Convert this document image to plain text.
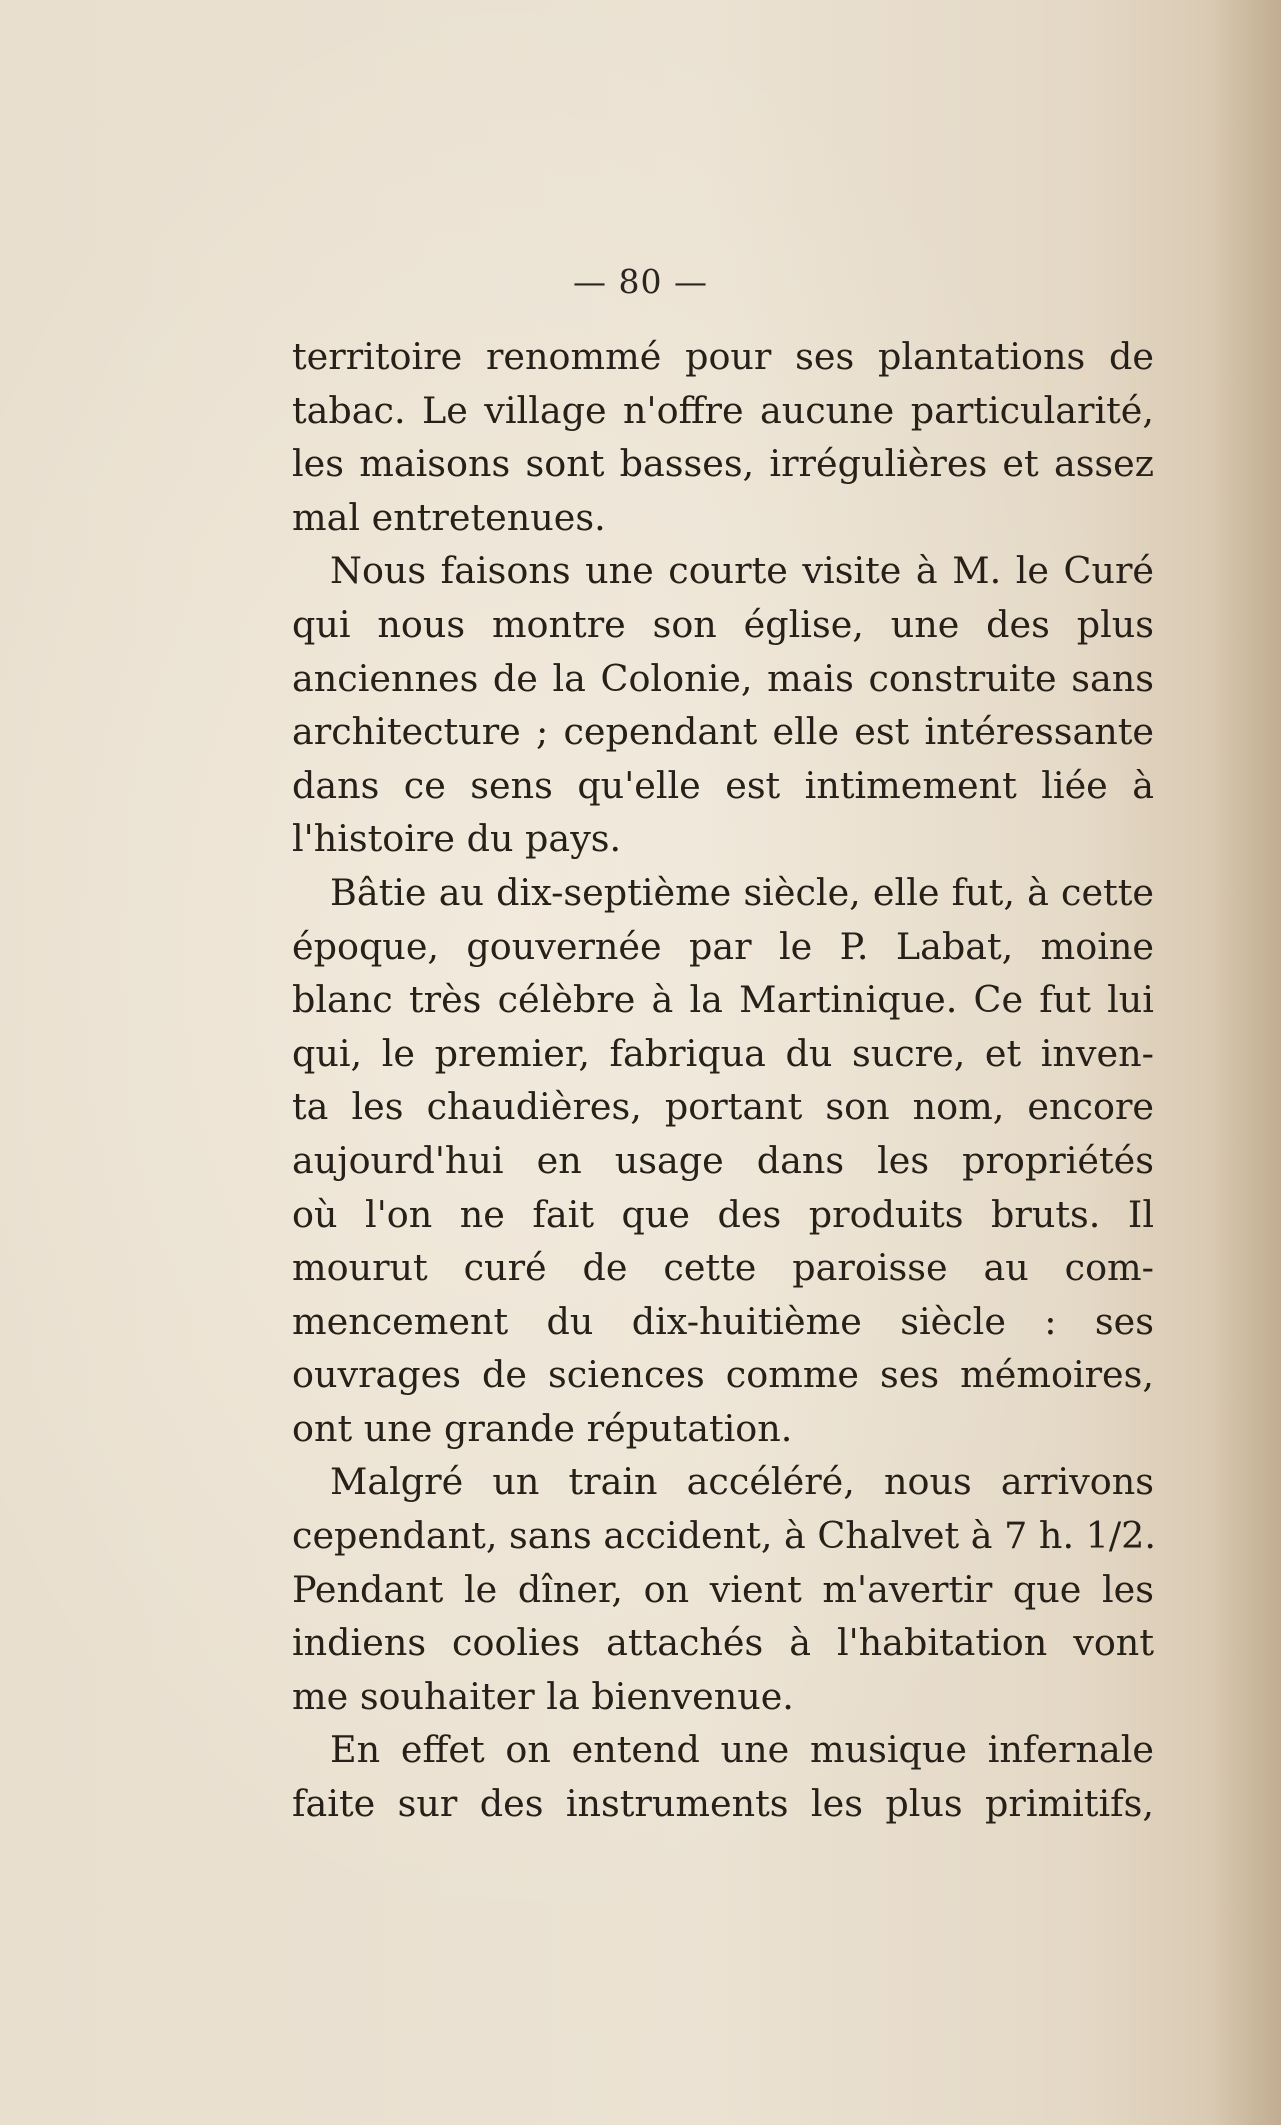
— 80 —
territoire renommé pour ses plantations de
tabac. Le village n'offre aucune particularité,
les maisons sont basses, irrégulières et assez
mal entretenues.
Nous faisons une courte visite à M. le Curé
qui nous montre son église, une des plus
anciennes de la Colonie, mais construite sans
architecture ; cependant elle est intéressante
dans ce sens qu'elle est intimement liée à
l'histoire du pays.
Bâtie au dix-septième siècle, elle fut, à cette
époque, gouvernée par le P. Labat, moine
blanc très célèbre à la Martinique. Ce fut lui
qui, le premier, fabriqua du sucre, et inven-
ta les chaudières, portant son nom, encore
aujourd'hui en usage dans les propriétés
où l'on ne fait que des produits bruts. Il
mourut curé de cette paroisse au com-
mencement du dix-huitième siècle : ses
ouvrages de sciences comme ses mémoires,
ont une grande réputation.
Malgré un train accéléré, nous arrivons
cependant, sans accident, à Chalvet à 7 h. 1/2.
Pendant le dîner, on vient m'avertir que les
indiens coolies attachés à l'habitation vont
me souhaiter la bienvenue.
En effet on entend une musique infernale
faite sur des instruments les plus primitifs,
